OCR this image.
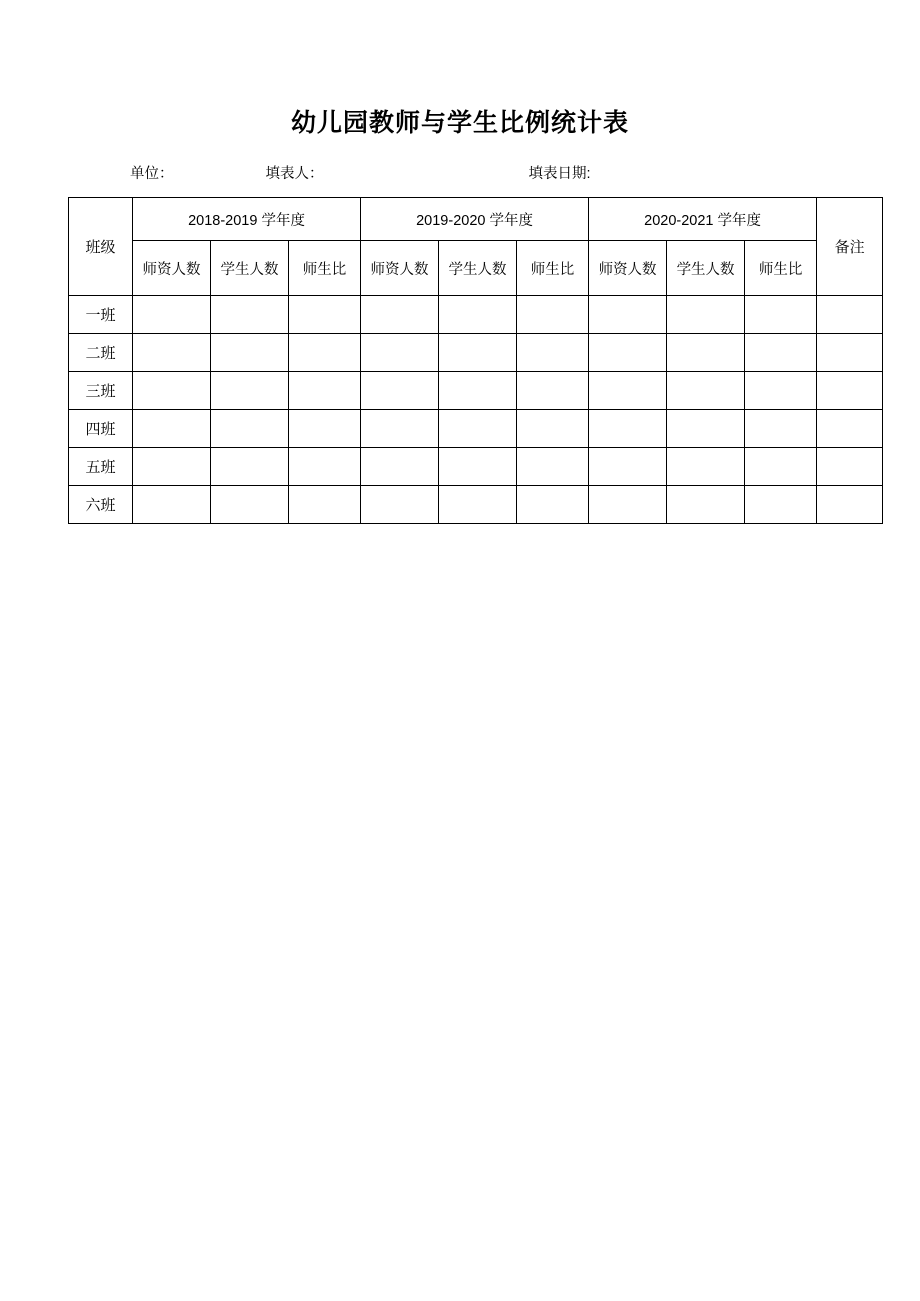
幼儿园教师与学生比例统计表
单位：	填表人：	填表日期:
班级	2018-2019 学年度			2019-2020 学年度			2020-2021 学年度			备注
	师资人数	学生人数	师生比	师资人数	学生人数	师生比	师资人数	学生人数	师生比	
一班										
二班										
三班										
四班										
五班										
六班										
